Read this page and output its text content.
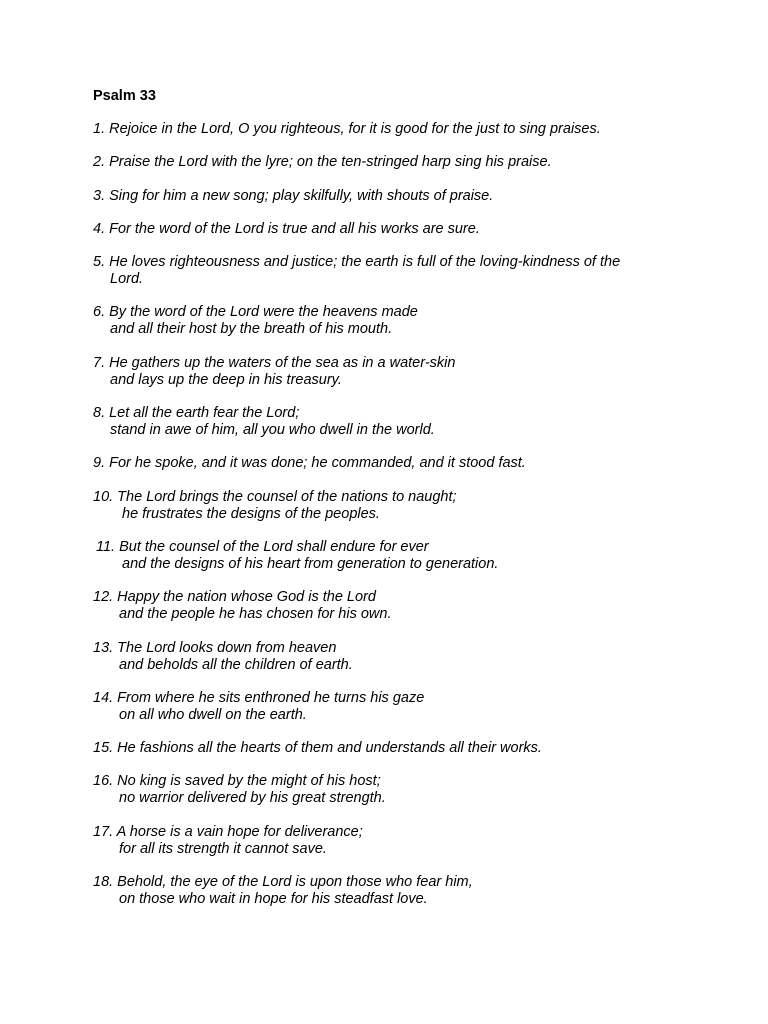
Psalm 33
1. Rejoice in the Lord, O you righteous, for it is good for the just to sing praises.
2. Praise the Lord with the lyre; on the ten-stringed harp sing his praise.
3. Sing for him a new song; play skilfully, with shouts of praise.
4. For the word of the Lord is true and all his works are sure.
5. He loves righteousness and justice; the earth is full of the loving-kindness of the
Lord.
6. By the word of the Lord were the heavens made
and all their host by the breath of his mouth.
7. He gathers up the waters of the sea as in a water-skin
and lays up the deep in his treasury.
8. Let all the earth fear the Lord;
stand in awe of him, all you who dwell in the world.
9. For he spoke, and it was done; he commanded, and it stood fast.
10. The Lord brings the counsel of the nations to naught;
he frustrates the designs of the peoples.
11. But the counsel of the Lord shall endure for ever
and the designs of his heart from generation to generation.
12. Happy the nation whose God is the Lord
and the people he has chosen for his own.
13. The Lord looks down from heaven
and beholds all the children of earth.
14. From where he sits enthroned he turns his gaze
on all who dwell on the earth.
15. He fashions all the hearts of them and understands all their works.
16. No king is saved by the might of his host;
no warrior delivered by his great strength.
17. A horse is a vain hope for deliverance;
for all its strength it cannot save.
18. Behold, the eye of the Lord is upon those who fear him,
on those who wait in hope for his steadfast love.
